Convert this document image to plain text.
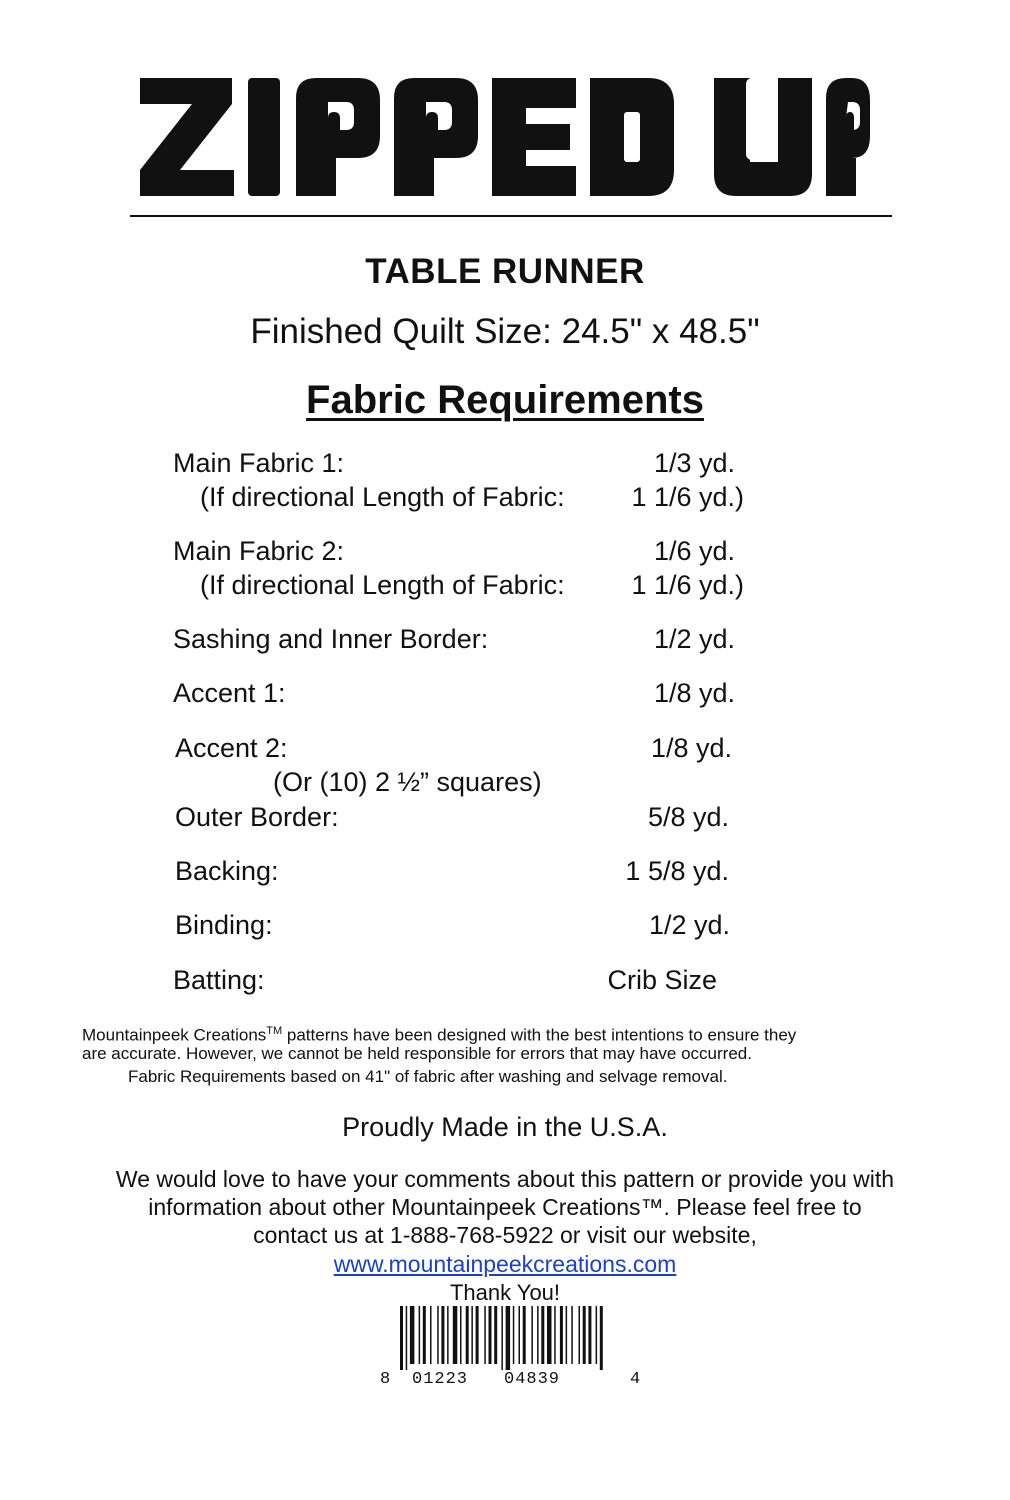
TABLE RUNNER
Finished Quilt Size: 24.5" x 48.5"
Fabric Requirements
Main Fabric 1:	1/3 yd.
(If directional Length of Fabric: 1 1/6 yd.)
Main Fabric 2:	1/6 yd.
(If directional Length of Fabric: 1 1/6 yd.)
Sashing and Inner Border:	1/2 yd.
Accent 1:	1/8 yd.
Accent 2:	1/8 yd.
(Or (10) 2 ½” squares)
Outer Border:	5/8 yd.
Backing:	1 5/8 yd.
Binding:	1/2 yd.
Batting:	Crib Size
Mountainpeek Creations™ patterns have been designed with the best intentions to ensure they
are accurate. However, we cannot be held responsible for errors that may have occurred.
Fabric Requirements based on 41" of fabric after washing and selvage removal.
Proudly Made in the U.S.A.
We would love to have your comments about this pattern or provide you with
information about other Mountainpeek Creations™. Please feel free to
contact us at 1-888-768-5922 or visit our website,
www.mountainpeekcreations.com
Thank You!
8 01223 04839	4
